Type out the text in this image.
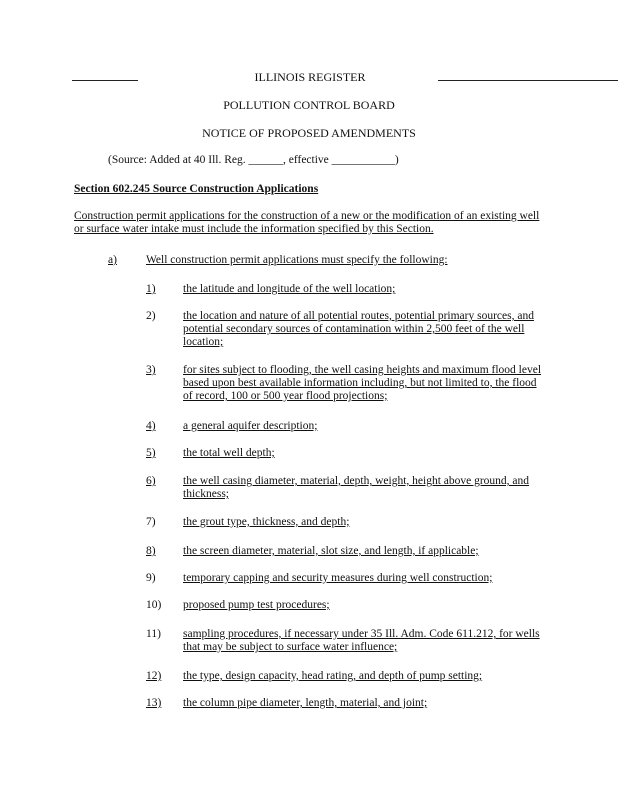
ILLINOIS REGISTER
POLLUTION CONTROL BOARD
NOTICE OF PROPOSED AMENDMENTS
(Source: Added at 40 Ill. Reg. ______, effective ___________)
Section 602.245 Source Construction Applications
Construction permit applications for the construction of a new or the modification of an existing well or surface water intake must include the information specified by this Section.
a)	Well construction permit applications must specify the following:
1)	the latitude and longitude of the well location;
2)	the location and nature of all potential routes, potential primary sources, and potential secondary sources of contamination within 2,500 feet of the well location;
3)	for sites subject to flooding, the well casing heights and maximum flood level based upon best available information including, but not limited to, the flood of record, 100 or 500 year flood projections;
4)	a general aquifer description;
5)	the total well depth;
6)	the well casing diameter, material, depth, weight, height above ground, and thickness;
7)	the grout type, thickness, and depth;
8)	the screen diameter, material, slot size, and length, if applicable;
9)	temporary capping and security measures during well construction;
10)	proposed pump test procedures;
11)	sampling procedures, if necessary under 35 Ill. Adm. Code 611.212, for wells that may be subject to surface water influence;
12)	the type, design capacity, head rating, and depth of pump setting;
13)	the column pipe diameter, length, material, and joint;
